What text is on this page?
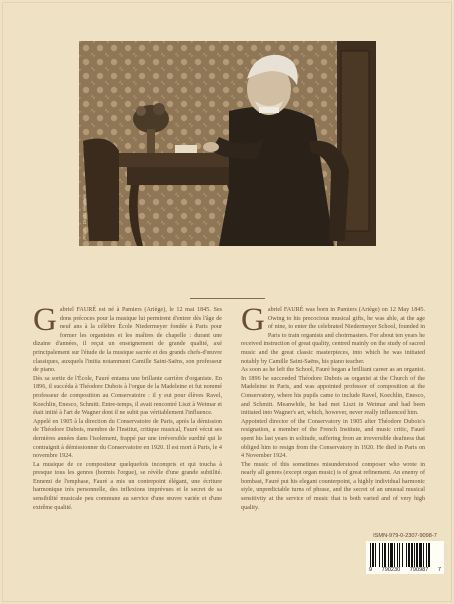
Photo : Droits réservés

Gabriel FAURÉ est né à Pamiers (Ariège), le 12 mai 1845. Ses dons précoces pour la musique lui permirent d'entrer dès l'âge de neuf ans à la célèbre École Niedermeyer fondée à Paris pour former les organistes et les maîtres de chapelle : durant une dizaine d'années, il reçut un enseignement de grande qualité, axé principalement sur l'étude de la musique sacrée et des grands chefs-d'œuvre classiques, auxquels l'initia notamment Camille Saint-Saëns, son professeur de piano.

Dès sa sortie de l'École, Fauré entama une brillante carrière d'organiste. En 1896, il succéda à Théodore Dubois à l'orgue de la Madeleine et fut nommé professeur de composition au Conservatoire : il y eut pour élèves Ravel, Koechlin, Enesco, Schmitt. Entre-temps, il avait rencontré Liszt à Weimar et était initié à l'art de Wagner dont il ne subit pas véritablement l'influence.

Appelé en 1905 à la direction du Conservatoire de Paris, après la démission de Théodore Dubois, membre de l'Institut, critique musical, Fauré vécut ses dernières années dans l'isolement, frappé par une irréversible surdité qui le contraignit à démissionner du Conservatoire en 1920. Il est mort à Paris, le 4 novembre 1924.

La musique de ce compositeur quelquefois incompris et qui toucha à presque tous les genres (hormis l'orgue), se révèle d'une grande subtilité. Ennemi de l'emphase, Fauré a mis un contrepoint élégant, une écriture harmonique très personnelle, des inflexions imprévues et le secret de sa sensibilité musicale peu commune au service d'une œuvre variée et d'une extrême qualité.

Gabriel FAURÉ was born in Pamiers (Ariège) on 12 May 1845. Owing to his precocious musical gifts, he was able, at the age of nine, to enter the celebrated Niedermeyer School, founded in Paris to train organists and choirmasters. For about ten years he received instruction of great quality, centred mainly on the study of sacred music and the great classic masterpieces, into which he was initiated notably by Camille Saint-Saëns, his piano teacher.

As soon as he left the School, Fauré began a brilliant career as an organist. In 1896 he succeeded Théodore Dubois as organist at the Church of the Madeleine in Paris, and was appointed professor of composition at the Conservatory, where his pupils came to include Ravel, Koechlin, Enesco, and Schmitt. Meanwhile, he had met Liszt in Weimar and had been initiated into Wagner's art, which, however, never really influenced him.

Appointed director of the Conservatory in 1905 after Théodore Dubois's resignation, a member of the French Institute, and music critic, Fauré spent his last years in solitude, suffering from an irreversible deafness that obliged him to resign from the Conservatory in 1920. He died in Paris on 4 November 1924.

The music of this sometimes misunderstood composer who wrote in nearly all genres (except organ music) is of great refinement. An enemy of bombast, Fauré put his elegant counterpoint, a highly individual harmonic style, unpredictable turns of phrase, and the secret of an unusual musical sensitivity at the service of music that is both varied and of very high quality.

ISMN-979-0-2307-9098-7
9 790230 790987 7
